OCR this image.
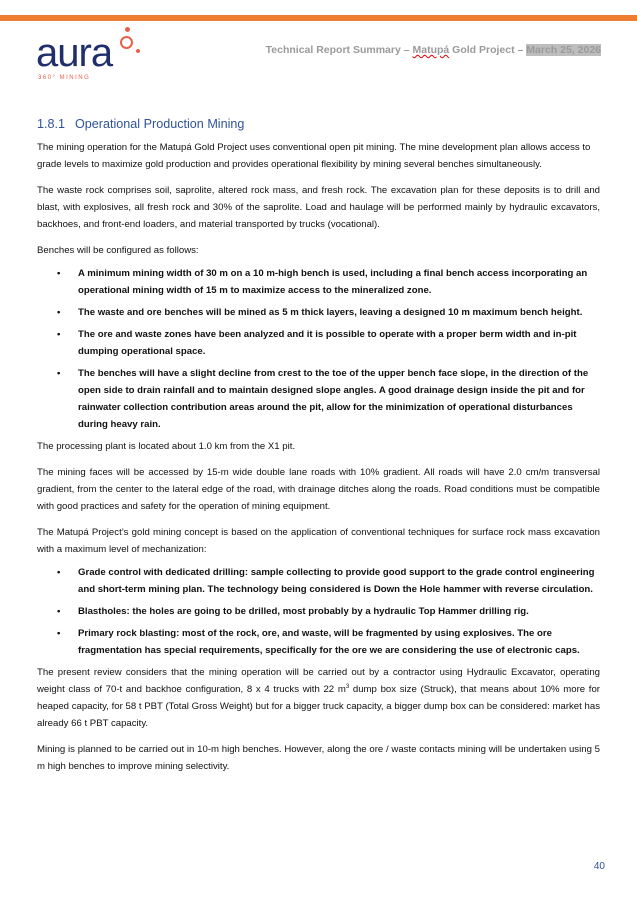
aura
360° MINING
Technical Report Summary – Matupá Gold Project – March 25, 2026
1.8.1 Operational Production Mining

The mining operation for the Matupá Gold Project uses conventional open pit mining. The mine development plan allows access to grade levels to maximize gold production and provides operational flexibility by mining several benches simultaneously.

The waste rock comprises soil, saprolite, altered rock mass, and fresh rock. The excavation plan for these deposits is to drill and blast, with explosives, all fresh rock and 30% of the saprolite. Load and haulage will be performed mainly by hydraulic excavators, backhoes, and front-end loaders, and material transported by trucks (vocational).

Benches will be configured as follows:

• A minimum mining width of 30 m on a 10 m-high bench is used, including a final bench access incorporating an operational mining width of 15 m to maximize access to the mineralized zone.
• The waste and ore benches will be mined as 5 m thick layers, leaving a designed 10 m maximum bench height.
• The ore and waste zones have been analyzed and it is possible to operate with a proper berm width and in-pit dumping operational space.
• The benches will have a slight decline from crest to the toe of the upper bench face slope, in the direction of the open side to drain rainfall and to maintain designed slope angles. A good drainage design inside the pit and for rainwater collection contribution areas around the pit, allow for the minimization of operational disturbances during heavy rain.

The processing plant is located about 1.0 km from the X1 pit.

The mining faces will be accessed by 15-m wide double lane roads with 10% gradient. All roads will have 2.0 cm/m transversal gradient, from the center to the lateral edge of the road, with drainage ditches along the roads. Road conditions must be compatible with good practices and safety for the operation of mining equipment.

The Matupá Project’s gold mining concept is based on the application of conventional techniques for surface rock mass excavation with a maximum level of mechanization:

• Grade control with dedicated drilling: sample collecting to provide good support to the grade control engineering and short-term mining plan. The technology being considered is Down the Hole hammer with reverse circulation.
• Blastholes: the holes are going to be drilled, most probably by a hydraulic Top Hammer drilling rig.
• Primary rock blasting: most of the rock, ore, and waste, will be fragmented by using explosives. The ore fragmentation has special requirements, specifically for the ore we are considering the use of electronic caps.

The present review considers that the mining operation will be carried out by a contractor using Hydraulic Excavator, operating weight class of 70-t and backhoe configuration, 8 x 4 trucks with 22 $m^3$ dump box size (Struck), that means about 10% more for heaped capacity, for 58 t PBT (Total Gross Weight) but for a bigger truck capacity, a bigger dump box can be considered: market has already 66 t PBT capacity.

Mining is planned to be carried out in 10-m high benches. However, along the ore / waste contacts mining will be undertaken using 5 m high benches to improve mining selectivity.

40
